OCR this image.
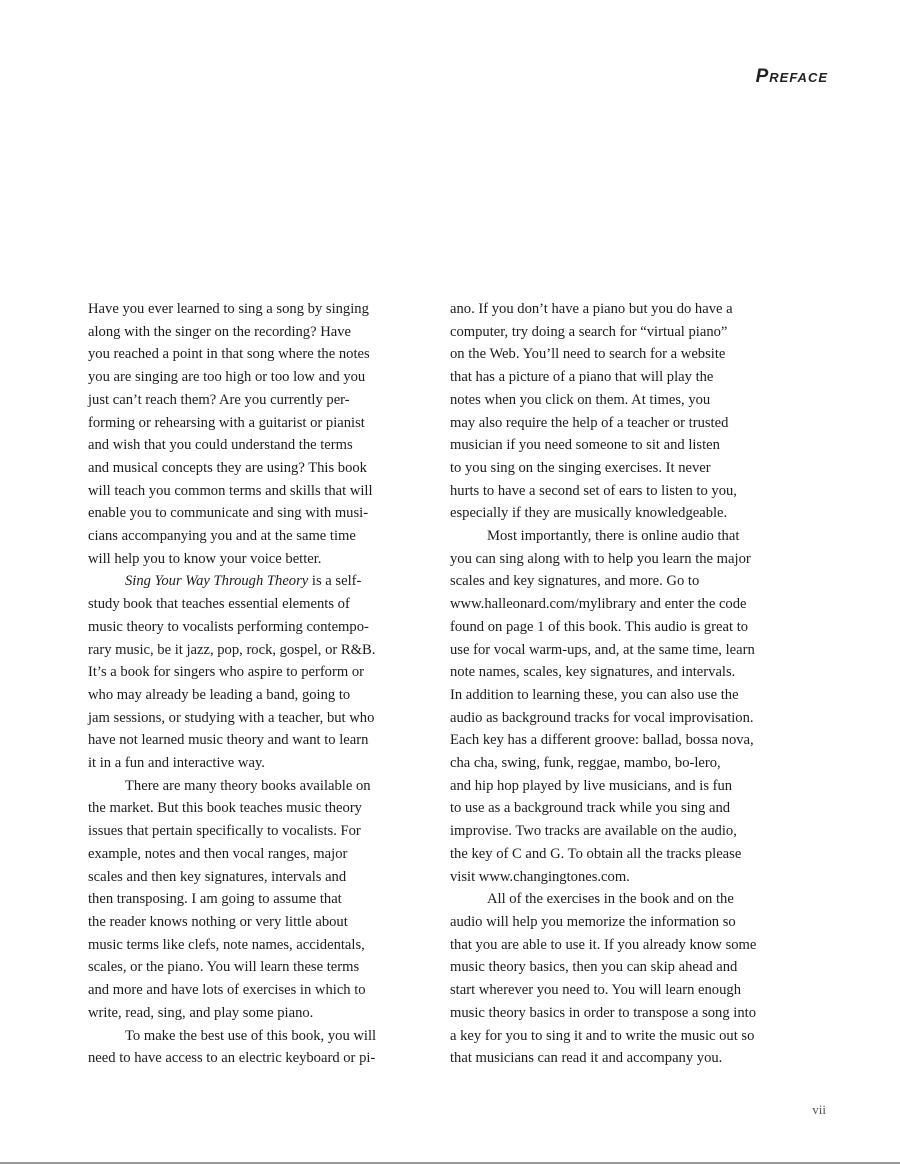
Preface
Have you ever learned to sing a song by singing
along with the singer on the recording? Have
you reached a point in that song where the notes
you are singing are too high or too low and you
just can’t reach them? Are you currently per-
forming or rehearsing with a guitarist or pianist
and wish that you could understand the terms
and musical concepts they are using? This book
will teach you common terms and skills that will
enable you to communicate and sing with musi-
cians accompanying you and at the same time
will help you to know your voice better.
Sing Your Way Through Theory is a self-
study book that teaches essential elements of
music theory to vocalists performing contempo-
rary music, be it jazz, pop, rock, gospel, or R&B.
It’s a book for singers who aspire to perform or
who may already be leading a band, going to
jam sessions, or studying with a teacher, but who
have not learned music theory and want to learn
it in a fun and interactive way.
There are many theory books available on
the market. But this book teaches music theory
issues that pertain specifically to vocalists. For
example, notes and then vocal ranges, major
scales and then key signatures, intervals and
then transposing. I am going to assume that
the reader knows nothing or very little about
music terms like clefs, note names, accidentals,
scales, or the piano. You will learn these terms
and more and have lots of exercises in which to
write, read, sing, and play some piano.
To make the best use of this book, you will
need to have access to an electric keyboard or pi-
ano. If you don’t have a piano but you do have a
computer, try doing a search for “virtual piano”
on the Web. You’ll need to search for a website
that has a picture of a piano that will play the
notes when you click on them. At times, you
may also require the help of a teacher or trusted
musician if you need someone to sit and listen
to you sing on the singing exercises. It never
hurts to have a second set of ears to listen to you,
especially if they are musically knowledgeable.
Most importantly, there is online audio that
you can sing along with to help you learn the major
scales and key signatures, and more. Go to
www.halleonard.com/mylibrary and enter the code
found on page 1 of this book. This audio is great to
use for vocal warm-ups, and, at the same time, learn
note names, scales, key signatures, and intervals.
In addition to learning these, you can also use the
audio as background tracks for vocal improvisation.
Each key has a different groove: ballad, bossa nova,
cha cha, swing, funk, reggae, mambo, bo-lero,
and hip hop played by live musicians, and is fun
to use as a background track while you sing and
improvise. Two tracks are available on the audio,
the key of C and G. To obtain all the tracks please
visit www.changingtones.com.
All of the exercises in the book and on the
audio will help you memorize the information so
that you are able to use it. If you already know some
music theory basics, then you can skip ahead and
start wherever you need to. You will learn enough
music theory basics in order to transpose a song into
a key for you to sing it and to write the music out so
that musicians can read it and accompany you.
vii
